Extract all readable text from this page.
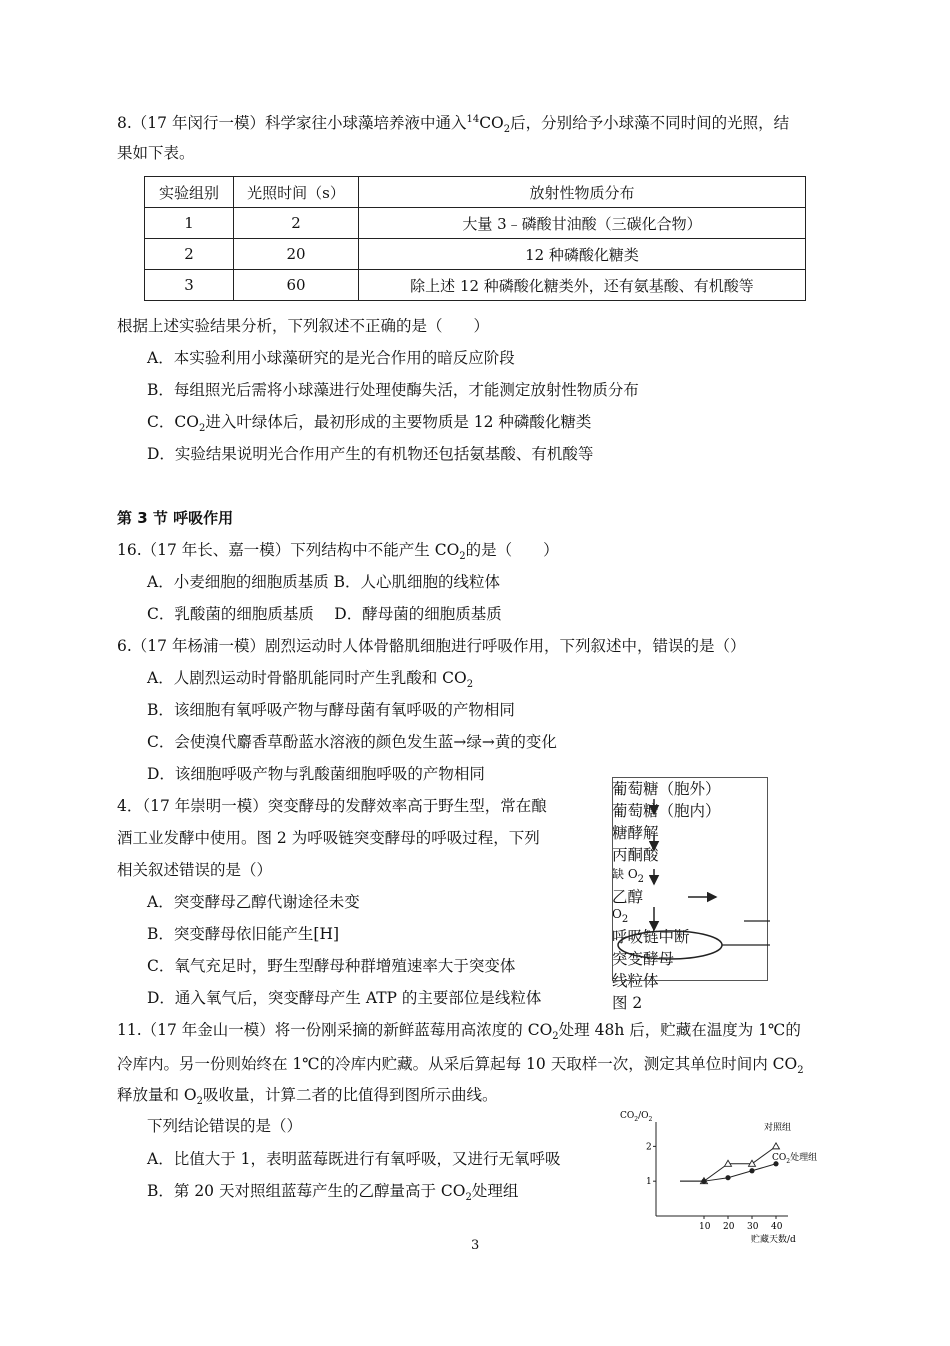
8.（17 年闵行一模）科学家往小球藻培养液中通入$^{14}CO_2$后，分别给予小球藻不同时间的光照，结
果如下表。
实验组别	光照时间（s）	放射性物质分布
1	2	大量 3﹣磷酸甘油酸（三碳化合物）
2	20	12 种磷酸化糖类
3	60	除上述 12 种磷酸化糖类外，还有氨基酸、有机酸等
根据上述实验结果分析，下列叙述不正确的是（　　）
A．本实验利用小球藻研究的是光合作用的暗反应阶段
B．每组照光后需将小球藻进行处理使酶失活，才能测定放射性物质分布
C．$CO_2$进入叶绿体后，最初形成的主要物质是 12 种磷酸化糖类
D．实验结果说明光合作用产生的有机物还包括氨基酸、有机酸等
第 3 节 呼吸作用
16.（17 年长、嘉一模）下列结构中不能产生 $CO_2$的是（　　）
A．小麦细胞的细胞质基质 B．人心肌细胞的线粒体
C．乳酸菌的细胞质基质　 D．酵母菌的细胞质基质
6.（17 年杨浦一模）剧烈运动时人体骨骼肌细胞进行呼吸作用，下列叙述中，错误的是（）
A．人剧烈运动时骨骼肌能同时产生乳酸和 $CO_2$
B．该细胞有氧呼吸产物与酵母菌有氧呼吸的产物相同
C．会使溴代麝香草酚蓝水溶液的颜色发生蓝→绿→黄的变化
D．该细胞呼吸产物与乳酸菌细胞呼吸的产物相同
4．（17 年崇明一模）突变酵母的发酵效率高于野生型，常在酿
酒工业发酵中使用。图 2 为呼吸链突变酵母的呼吸过程，下列
相关叙述错误的是（）
A．突变酵母乙醇代谢途径未变
B．突变酵母依旧能产生[H]
C．氧气充足时，野生型酵母种群增殖速率大于突变体
D．通入氧气后，突变酵母产生 ATP 的主要部位是线粒体
葡萄糖（胞外）
葡萄糖（胞内）
糖酵解
丙酮酸
缺 $O_2$
乙醇
$O_2$
呼吸链中断
突变酵母
线粒体
图 2
11.（17 年金山一模）将一份刚采摘的新鲜蓝莓用高浓度的 $CO_2$处理 48h 后，贮藏在温度为 1℃的
冷库内。另一份则始终在 1℃的冷库内贮藏。从采后算起每 10 天取样一次，测定其单位时间内 $CO_2$
释放量和 $O_2$吸收量，计算二者的比值得到图所示曲线。
下列结论错误的是（）
A．比值大于 1，表明蓝莓既进行有氧呼吸，又进行无氧呼吸
B．第 20 天对照组蓝莓产生的乙醇量高于 $CO_2$处理组
$CO_2/O_2$
10 20 30 40
1
2
对照组
$CO_2$处理组
贮藏天数/d
3
